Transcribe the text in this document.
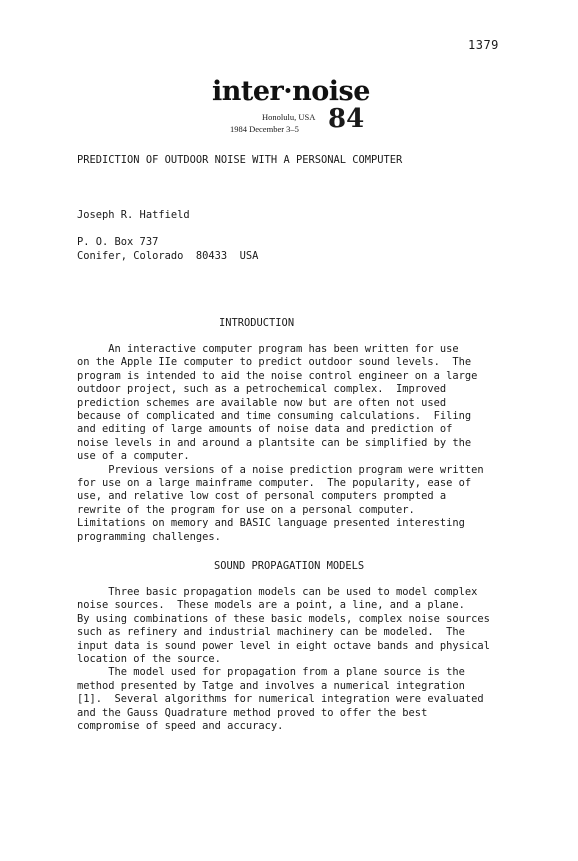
1379
inter·noise
Honolulu, USA
1984 December 3–5 84
PREDICTION OF OUTDOOR NOISE WITH A PERSONAL COMPUTER
Joseph R. Hatfield
P. O. Box 737
Conifer, Colorado  80433  USA
INTRODUCTION
An interactive computer program has been written for use
on the Apple IIe computer to predict outdoor sound levels.  The
program is intended to aid the noise control engineer on a large
outdoor project, such as a petrochemical complex.  Improved
prediction schemes are available now but are often not used
because of complicated and time consuming calculations.  Filing
and editing of large amounts of noise data and prediction of
noise levels in and around a plantsite can be simplified by the
use of a computer.
Previous versions of a noise prediction program were written
for use on a large mainframe computer.  The popularity, ease of
use, and relative low cost of personal computers prompted a
rewrite of the program for use on a personal computer.
Limitations on memory and BASIC language presented interesting
programming challenges.
SOUND PROPAGATION MODELS
Three basic propagation models can be used to model complex
noise sources.  These models are a point, a line, and a plane.
By using combinations of these basic models, complex noise sources
such as refinery and industrial machinery can be modeled.  The
input data is sound power level in eight octave bands and physical
location of the source.
The model used for propagation from a plane source is the
method presented by Tatge and involves a numerical integration
[1].  Several algorithms for numerical integration were evaluated
and the Gauss Quadrature method proved to offer the best
compromise of speed and accuracy.
